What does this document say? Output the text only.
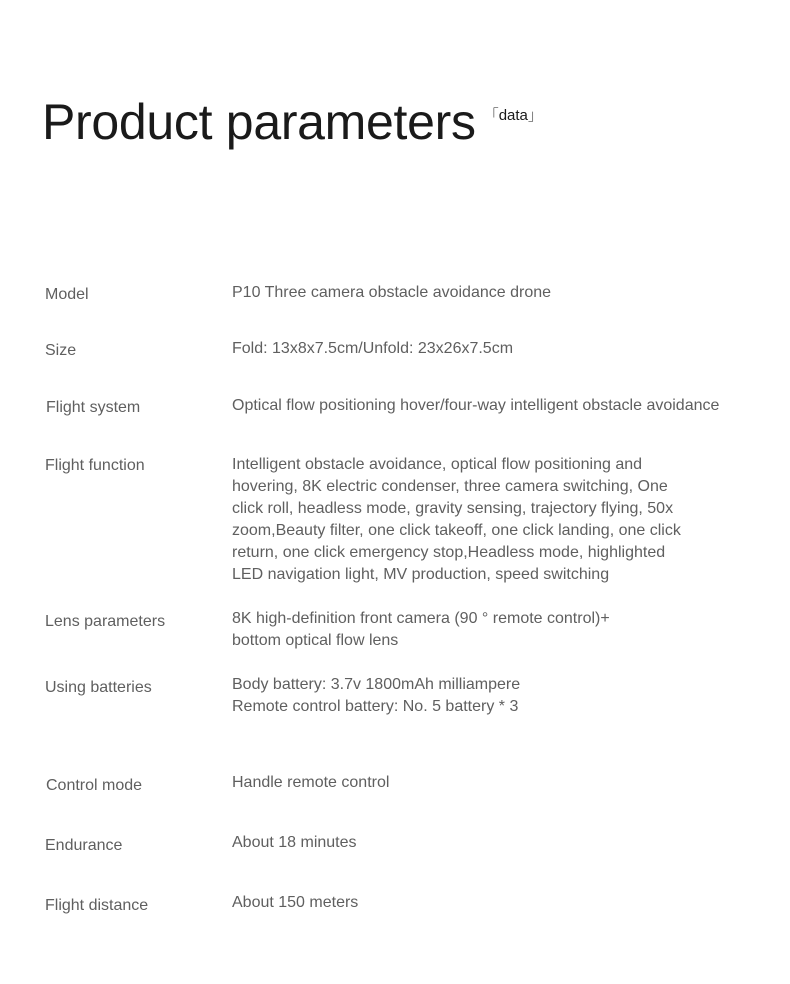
Product parameters 「data」
Model	P10 Three camera obstacle avoidance drone
Size	Fold: 13x8x7.5cm/Unfold: 23x26x7.5cm
Flight system	Optical flow positioning hover/four-way intelligent obstacle avoidance
Flight function	Intelligent obstacle avoidance, optical flow positioning and
hovering, 8K electric condenser, three camera switching, One
click roll, headless mode, gravity sensing, trajectory flying, 50x
zoom,Beauty filter, one click takeoff, one click landing, one click
return, one click emergency stop,Headless mode, highlighted
LED navigation light, MV production, speed switching
Lens parameters	8K high-definition front camera (90 ° remote control)+
bottom optical flow lens
Using batteries	Body battery: 3.7v 1800mAh milliampere
Remote control battery: No. 5 battery * 3
Control mode	Handle remote control
Endurance	About 18 minutes
Flight distance	About 150 meters
